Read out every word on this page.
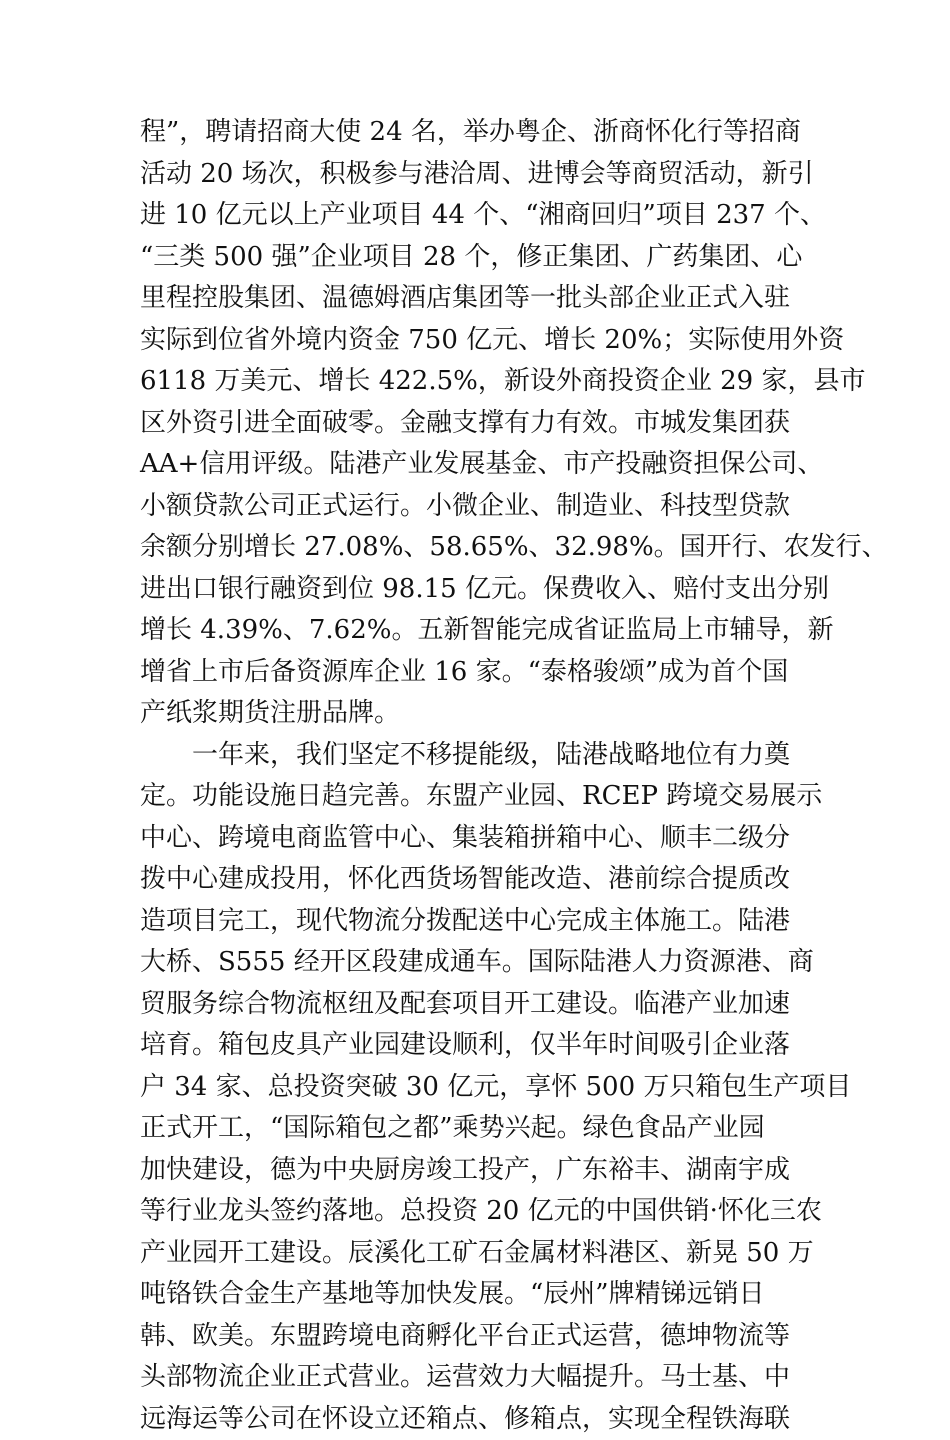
程”，聘请招商大使 24 名，举办粤企、浙商怀化行等招商
活动 20 场次，积极参与港洽周、进博会等商贸活动，新引
进 10 亿元以上产业项目 44 个、“湘商回归”项目 237 个、
“三类 500 强”企业项目 28 个，修正集团、广药集团、心
里程控股集团、温德姆酒店集团等一批头部企业正式入驻
实际到位省外境内资金 750 亿元、增长 20%；实际使用外资
6118 万美元、增长 422.5%，新设外商投资企业 29 家，县市
区外资引进全面破零。金融支撑有力有效。市城发集团获
AA+信用评级。陆港产业发展基金、市产投融资担保公司、
小额贷款公司正式运行。小微企业、制造业、科技型贷款
余额分别增长 27.08%、58.65%、32.98%。国开行、农发行、
进出口银行融资到位 98.15 亿元。保费收入、赔付支出分别
增长 4.39%、7.62%。五新智能完成省证监局上市辅导，新
增省上市后备资源库企业 16 家。“泰格骏颂”成为首个国
产纸浆期货注册品牌。
一年来，我们坚定不移提能级，陆港战略地位有力奠
定。功能设施日趋完善。东盟产业园、RCEP 跨境交易展示
中心、跨境电商监管中心、集装箱拼箱中心、顺丰二级分
拨中心建成投用，怀化西货场智能改造、港前综合提质改
造项目完工，现代物流分拨配送中心完成主体施工。陆港
大桥、S555 经开区段建成通车。国际陆港人力资源港、商
贸服务综合物流枢纽及配套项目开工建设。临港产业加速
培育。箱包皮具产业园建设顺利，仅半年时间吸引企业落
户 34 家、总投资突破 30 亿元，享怀 500 万只箱包生产项目
正式开工，“国际箱包之都”乘势兴起。绿色食品产业园
加快建设，德为中央厨房竣工投产，广东裕丰、湖南宇成
等行业龙头签约落地。总投资 20 亿元的中国供销·怀化三农
产业园开工建设。辰溪化工矿石金属材料港区、新晃 50 万
吨铬铁合金生产基地等加快发展。“辰州”牌精锑远销日
韩、欧美。东盟跨境电商孵化平台正式运营，德坤物流等
头部物流企业正式营业。运营效力大幅提升。马士基、中
远海运等公司在怀设立还箱点、修箱点，实现全程铁海联
